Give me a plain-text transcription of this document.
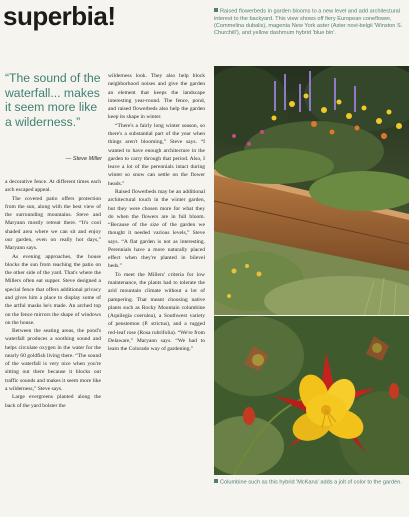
superbia!	Raised flowerbeds in garden blooms to a new level and add architectural interest to the backyard. This view shows off fiery European coneflower, (Commelina dubalis), magenta New York aster (Aster novi-belgii 'Winston S. Churchill'), and yellow dashmum hybrid 'blue bin'.
Columbine such as this hybrid 'McKana' adds a jolt of color to the garden.
“The sound of the waterfall... makes it seem more like a wilderness.”
— Steve Miller

a decorative fence. At different times each arch escaped appeal.

The covered patio offers protection from the sun, along with the best view of the surrounding mountains. Steve and Maryann mostly retreat there. “It's cool shaded area where we can sit and enjoy our garden, even on really hot days,” Maryann says.

As evening approaches, the house blocks the sun from reaching the patio on the other side of the yard. That's where the Millers often eat supper. Steve designed a special fence that offers additional privacy and gives him a place to display some of the artful masks he's made. An arched top on the fence mirrors the shape of windows on the house.

Between the seating areas, the pond's waterfall produces a soothing sound and helps circulate oxygen in the water for the nearly 60 goldfish living there. “The sound of the waterfall is very nice when you're sitting out there because it blocks out traffic sounds and makes it seem more like a wilderness,” Steve says.

Large evergreens planted along the back of the yard bolster the

wilderness look. They also help block neighborhood noises and give the garden an element that keeps the landscape interesting year-round. The fence, pond, and raised flowerbeds also help the garden keep its shape in winter.

“There's a fairly long winter season, so there's a substantial part of the year when things aren't blooming,” Steve says. “I wanted to have enough architecture in the garden to carry through that period. Also, I leave a lot of the perennials intact during winter so snow can settle on the flower heads.”

Raised flowerbeds may be an additional architectural touch in the winter garden, but they were chosen more for what they do when the flowers are in full bloom. “Because of the size of the garden we thought it needed various levels,” Steve says. “A flat garden is not as interesting. Perennials have a more naturally placed effect when they're planted in bilevel beds.”

To meet the Millers' criteria for low maintenance, the plants had to tolerate the arid mountain climate without a lot of pampering. That meant choosing native plants such as Rocky Mountain columbine (Aquilegia coerulea), a Southwest variety of penstemon (P. strictus), and a rugged red-leaf rose (Rosa rubrifolia). “We're from Delaware,” Maryann says. “We had to learn the Colorado way of gardening.”
